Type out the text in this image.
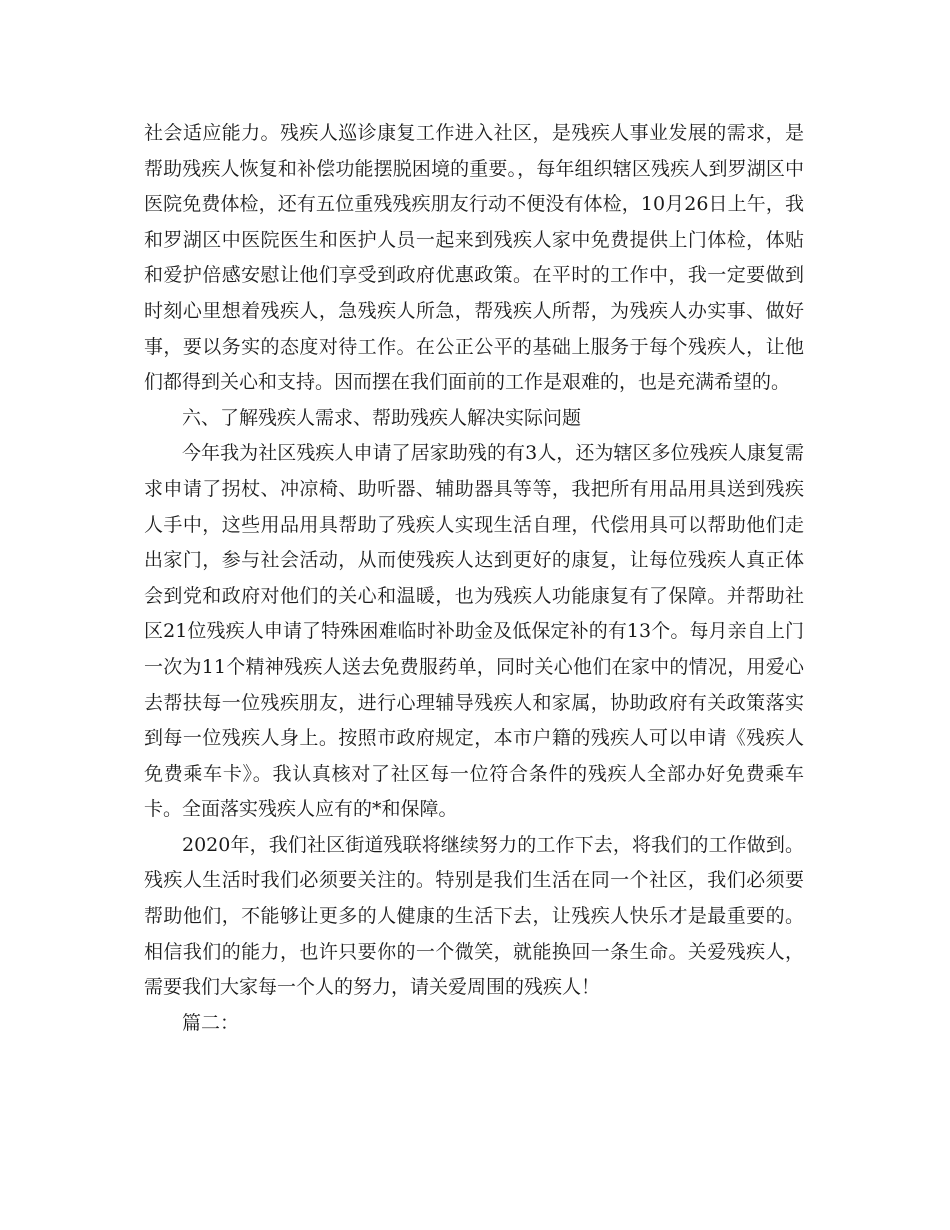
社会适应能力。残疾人巡诊康复工作进入社区，是残疾人事业发展的需求，是帮助残疾人恢复和补偿功能摆脱困境的重要。，每年组织辖区残疾人到罗湖区中医院免费体检，还有五位重残残疾朋友行动不便没有体检，10月26日上午，我和罗湖区中医院医生和医护人员一起来到残疾人家中免费提供上门体检，体贴和爱护倍感安慰让他们享受到政府优惠政策。在平时的工作中，我一定要做到时刻心里想着残疾人，急残疾人所急，帮残疾人所帮，为残疾人办实事、做好事，要以务实的态度对待工作。在公正公平的基础上服务于每个残疾人，让他们都得到关心和支持。因而摆在我们面前的工作是艰难的，也是充满希望的。

六、了解残疾人需求、帮助残疾人解决实际问题

今年我为社区残疾人申请了居家助残的有3人，还为辖区多位残疾人康复需求申请了拐杖、冲凉椅、助听器、辅助器具等等，我把所有用品用具送到残疾人手中，这些用品用具帮助了残疾人实现生活自理，代偿用具可以帮助他们走出家门，参与社会活动，从而使残疾人达到更好的康复，让每位残疾人真正体会到党和政府对他们的关心和温暖，也为残疾人功能康复有了保障。并帮助社区21位残疾人申请了特殊困难临时补助金及低保定补的有13个。每月亲自上门一次为11个精神残疾人送去免费服药单，同时关心他们在家中的情况，用爱心去帮扶每一位残疾朋友，进行心理辅导残疾人和家属，协助政府有关政策落实到每一位残疾人身上。按照市政府规定，本市户籍的残疾人可以申请《残疾人免费乘车卡》。我认真核对了社区每一位符合条件的残疾人全部办好免费乘车卡。全面落实残疾人应有的*和保障。

2020年，我们社区街道残联将继续努力的工作下去，将我们的工作做到。残疾人生活时我们必须要关注的。特别是我们生活在同一个社区，我们必须要帮助他们，不能够让更多的人健康的生活下去，让残疾人快乐才是最重要的。相信我们的能力，也许只要你的一个微笑，就能换回一条生命。关爱残疾人，需要我们大家每一个人的努力，请关爱周围的残疾人！

篇二：
